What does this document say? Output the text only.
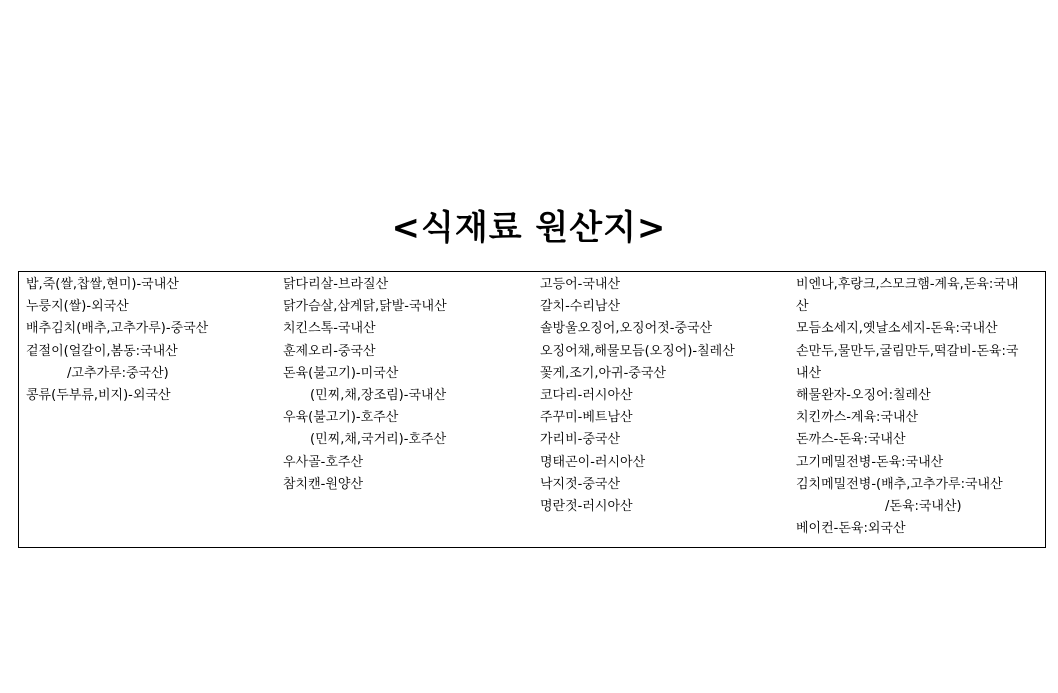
<식재료 원산지>
밥,죽(쌀,찹쌀,현미)-국내산
누룽지(쌀)-외국산
배추김치(배추,고추가루)-중국산
겉절이(얼갈이,봄동:국내산
/고추가루:중국산)
콩류(두부류,비지)-외국산
닭다리살-브라질산
닭가슴살,삼계닭,닭발-국내산
치킨스톡-국내산
훈제오리-중국산
돈육(불고기)-미국산
(민찌,채,장조림)-국내산
우육(불고기)-호주산
(민찌,채,국거리)-호주산
우사골-호주산
참치캔-원양산
고등어-국내산
갈치-수리남산
솔방울오징어,오징어젓-중국산
오징어채,해물모듬(오징어)-칠레산
꽃게,조기,아귀-중국산
코다리-러시아산
주꾸미-베트남산
가리비-중국산
명태곤이-러시아산
낙지젓-중국산
명란젓-러시아산
비엔나,후랑크,스모크햄-계육,돈육:국내
산
모듬소세지,옛날소세지-돈육:국내산
손만두,물만두,굴림만두,떡갈비-돈육:국
내산
해물완자-오징어:칠레산
치킨까스-계육:국내산
돈까스-돈육:국내산
고기메밀전병-돈육:국내산
김치메밀전병-(배추,고추가루:국내산
/돈육:국내산)
베이컨-돈육:외국산
